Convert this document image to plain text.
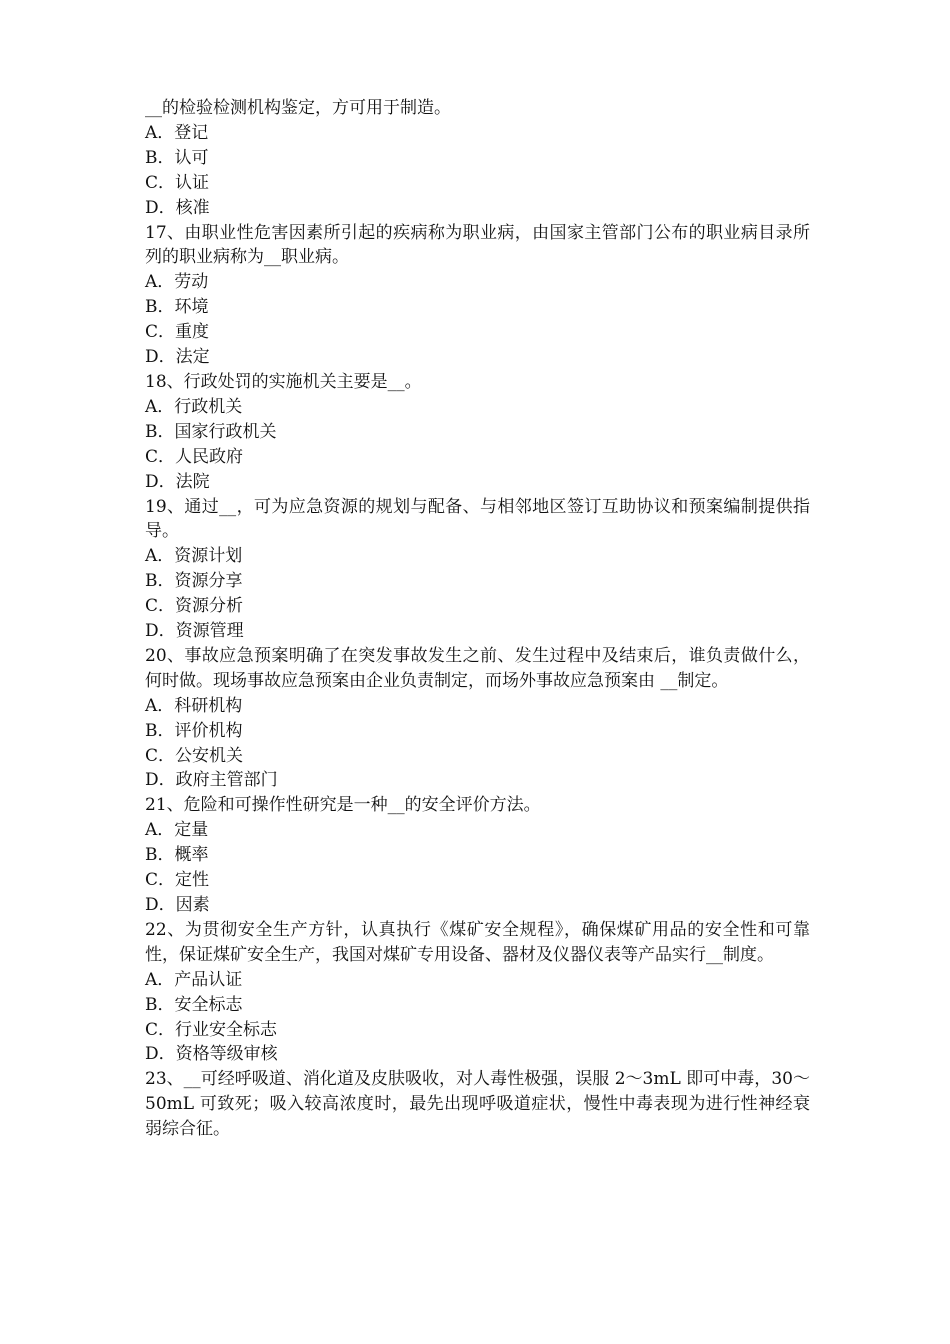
__的检验检测机构鉴定，方可用于制造。
A．登记
B．认可
C．认证
D．核准
17、由职业性危害因素所引起的疾病称为职业病，由国家主管部门公布的职业病目录所列的职业病称为__职业病。
A．劳动
B．环境
C．重度
D．法定
18、行政处罚的实施机关主要是__。
A．行政机关
B．国家行政机关
C．人民政府
D．法院
19、通过__，可为应急资源的规划与配备、与相邻地区签订互助协议和预案编制提供指导。
A．资源计划
B．资源分享
C．资源分析
D．资源管理
20、事故应急预案明确了在突发事故发生之前、发生过程中及结束后，谁负责做什么，何时做。现场事故应急预案由企业负责制定，而场外事故应急预案由 __制定。
A．科研机构
B．评价机构
C．公安机关
D．政府主管部门
21、危险和可操作性研究是一种__的安全评价方法。
A．定量
B．概率
C．定性
D．因素
22、为贯彻安全生产方针，认真执行《煤矿安全规程》，确保煤矿用品的安全性和可靠性，保证煤矿安全生产，我国对煤矿专用设备、器材及仪器仪表等产品实行__制度。
A．产品认证
B．安全标志
C．行业安全标志
D．资格等级审核
23、__可经呼吸道、消化道及皮肤吸收，对人毒性极强，误服 2～3mL 即可中毒，30～ 50mL 可致死；吸入较高浓度时，最先出现呼吸道症状，慢性中毒表现为进行性神经衰弱综合征。
